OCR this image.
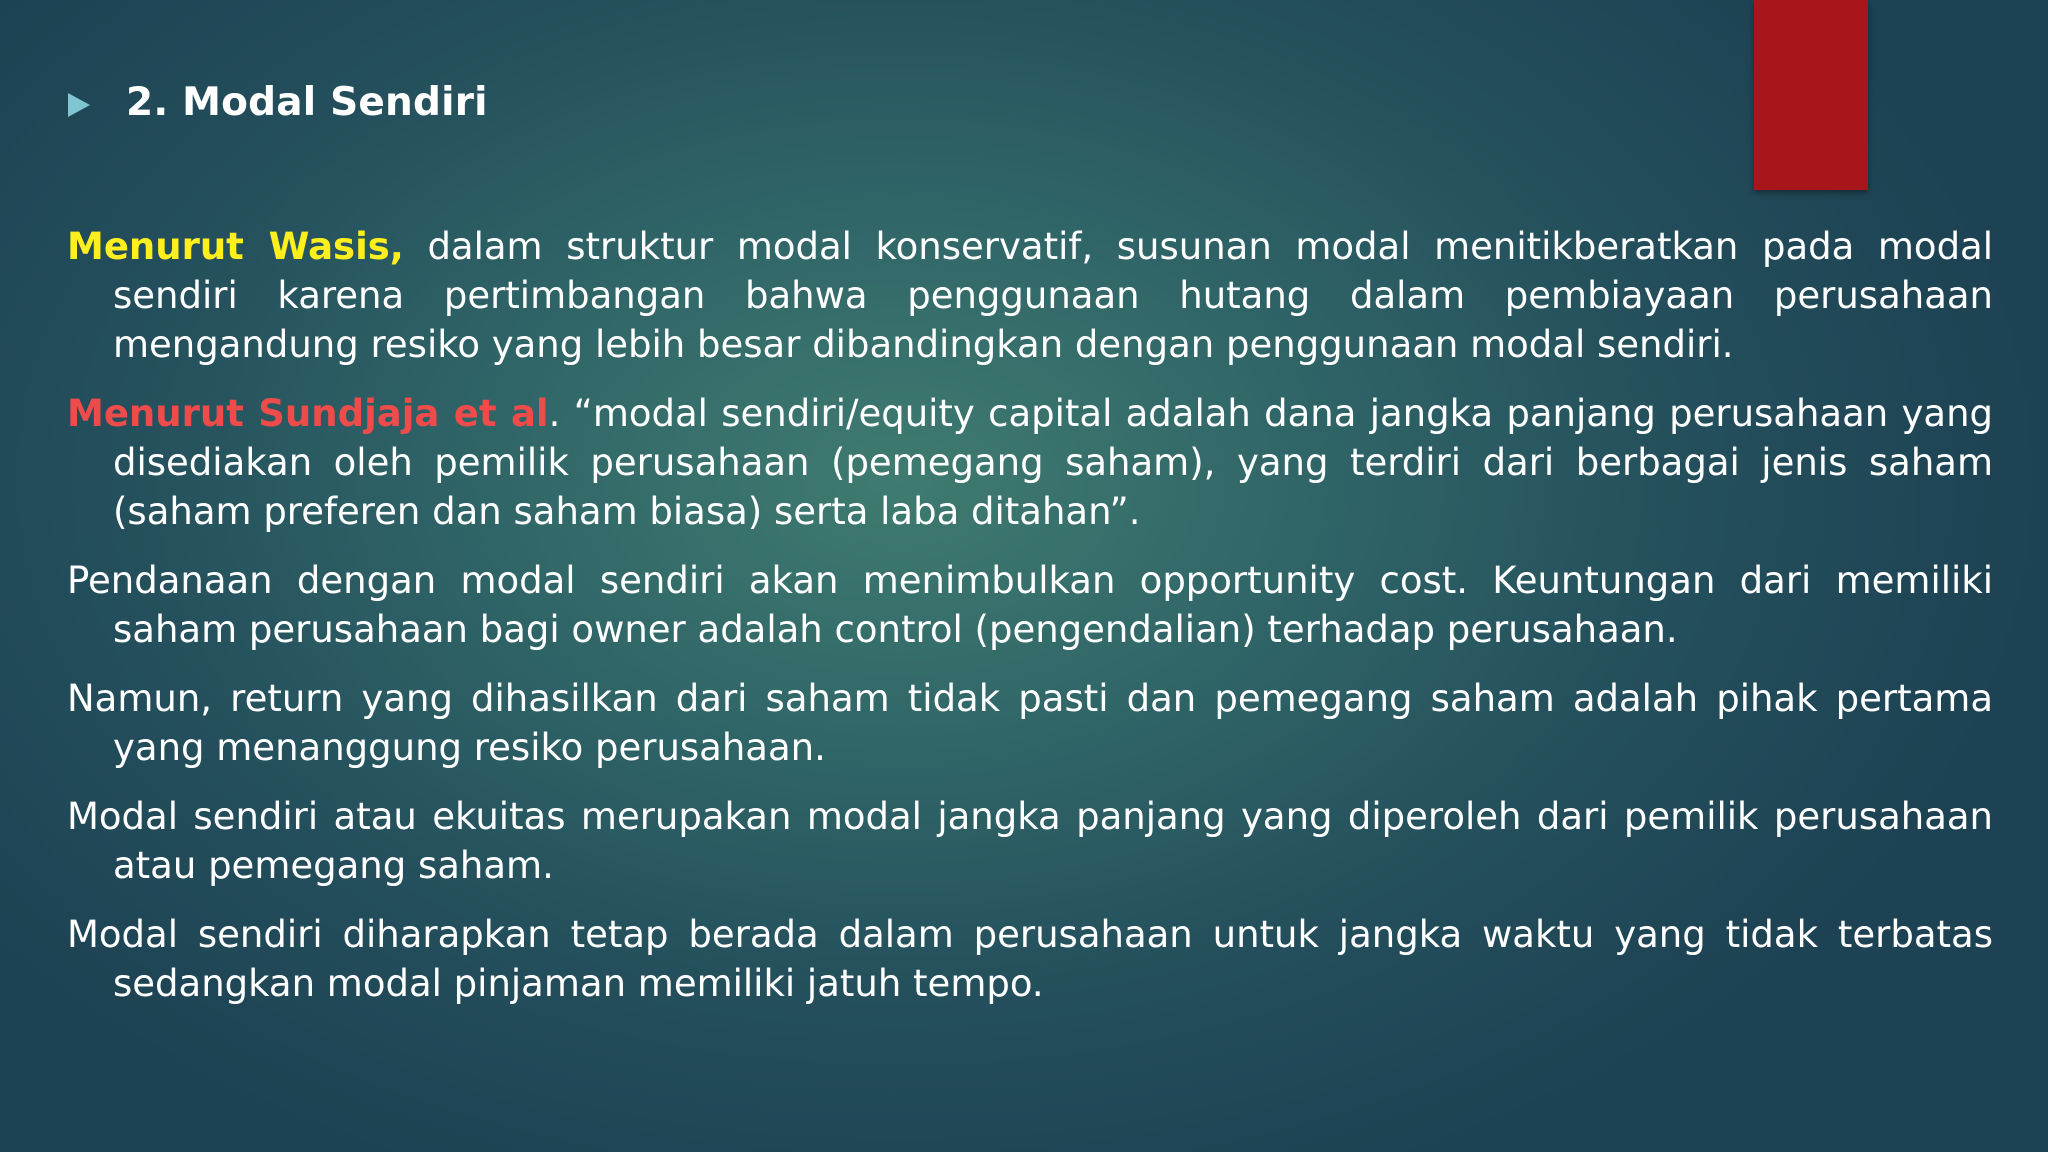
2. Modal Sendiri

Menurut Wasis, dalam struktur modal konservatif, susunan modal menitikberatkan pada modal sendiri karena pertimbangan bahwa penggunaan hutang dalam pembiayaan perusahaan mengandung resiko yang lebih besar dibandingkan dengan penggunaan modal sendiri.

Menurut Sundjaja et al. “modal sendiri/equity capital adalah dana jangka panjang perusahaan yang disediakan oleh pemilik perusahaan (pemegang saham), yang terdiri dari berbagai jenis saham (saham preferen dan saham biasa) serta laba ditahan”.

Pendanaan dengan modal sendiri akan menimbulkan opportunity cost. Keuntungan dari memiliki saham perusahaan bagi owner adalah control (pengendalian) terhadap perusahaan.

Namun, return yang dihasilkan dari saham tidak pasti dan pemegang saham adalah pihak pertama yang menanggung resiko perusahaan.

Modal sendiri atau ekuitas merupakan modal jangka panjang yang diperoleh dari pemilik perusahaan atau pemegang saham.

Modal sendiri diharapkan tetap berada dalam perusahaan untuk jangka waktu yang tidak terbatas sedangkan modal pinjaman memiliki jatuh tempo.
